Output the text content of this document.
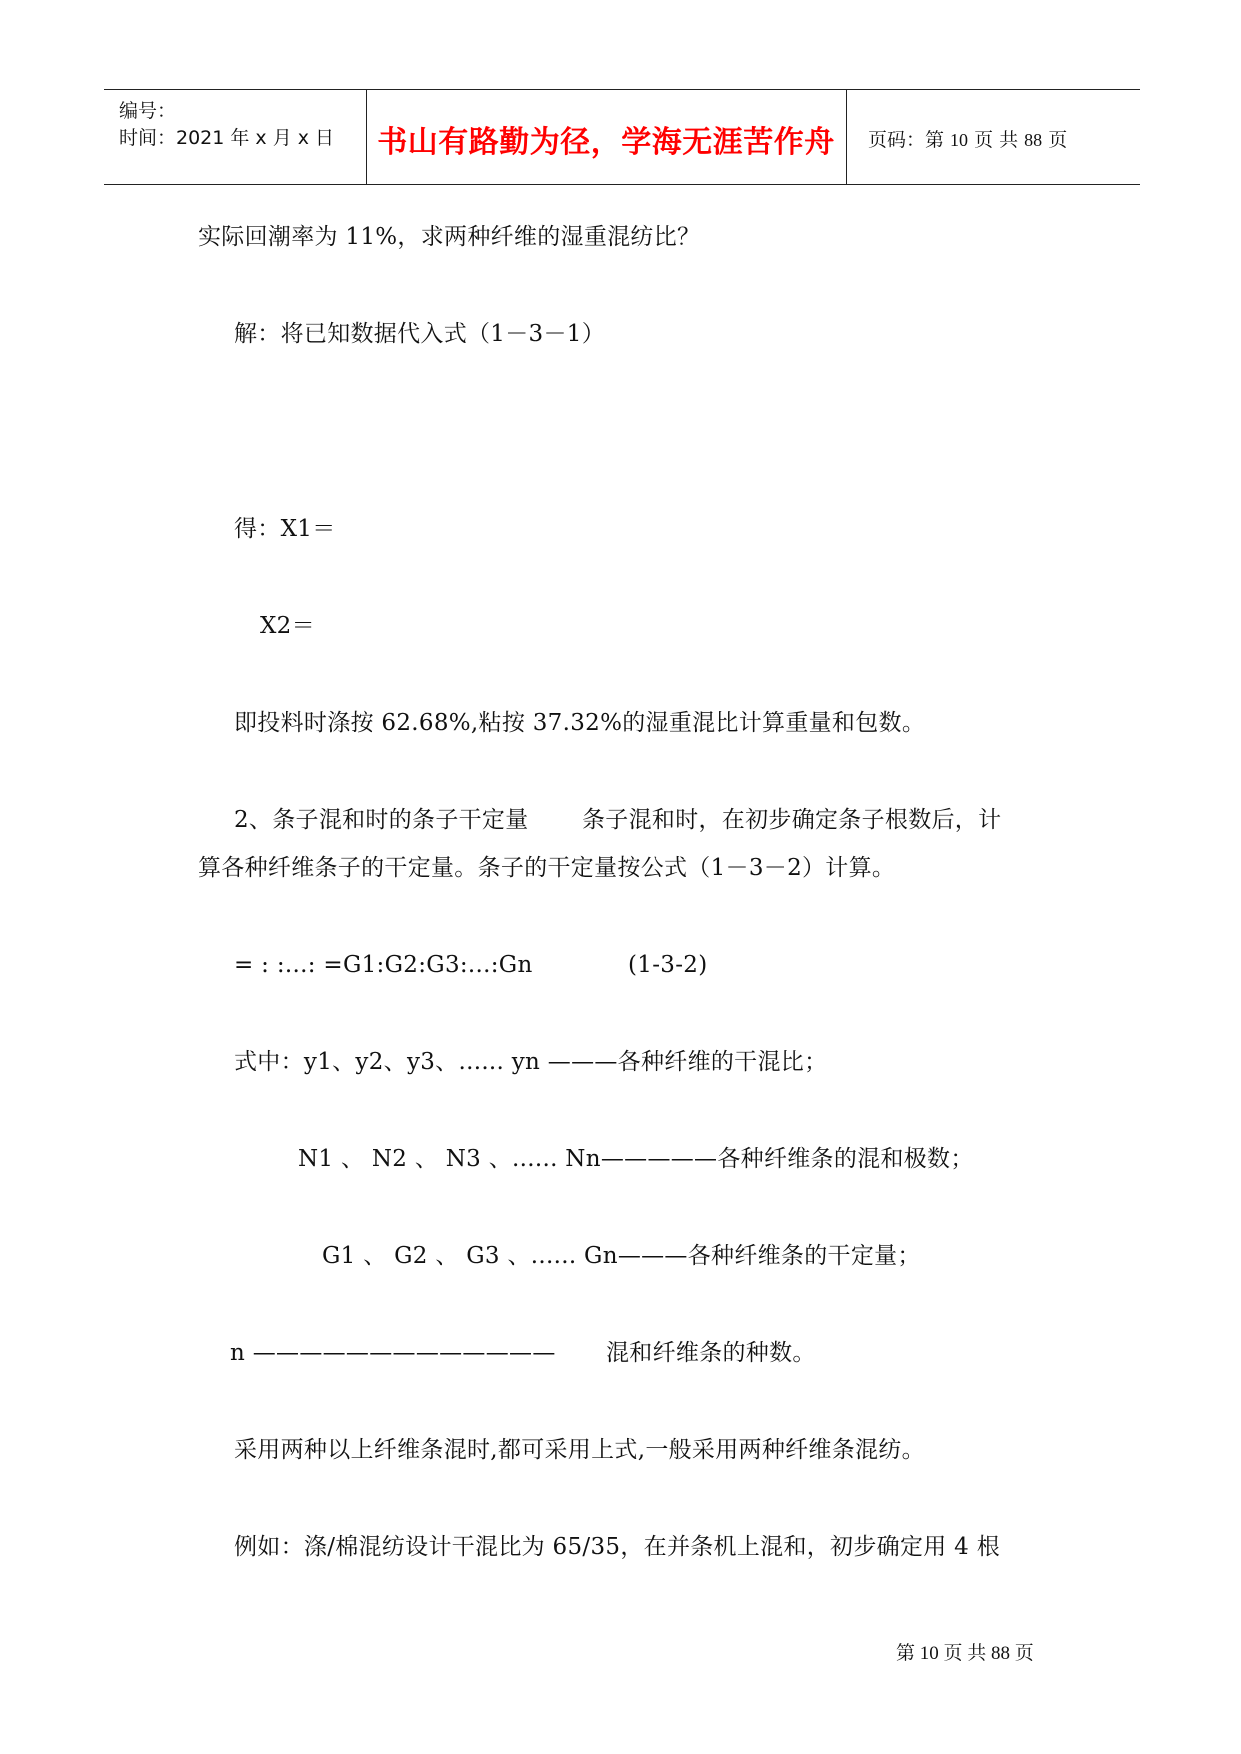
编号：
时间：2021 年 x 月 x 日	书山有路勤为径，学海无涯苦作舟	页码：第 10 页 共 88 页
实际回潮率为 11%，求两种纤维的湿重混纺比？
解：将已知数据代入式（1－3－1）
得：X1＝
X2＝
即投料时涤按 62.68%,粘按 37.32%的湿重混比计算重量和包数。
2、条子混和时的条子干定量 条子混和时，在初步确定条子根数后，计
算各种纤维条子的干定量。条子的干定量按公式（1－3－2）计算。
= : :...: =G1:G2:G3:...:Gn	(1-3-2)
式中：y1、y2、y3、...... yn ———各种纤维的干混比；
N1 、 N2 、 N3 、...... Nn—————各种纤维条的混和极数；
G1 、 G2 、 G3 、...... Gn———各种纤维条的干定量；
n ————————————— 混和纤维条的种数。
采用两种以上纤维条混时,都可采用上式,一般采用两种纤维条混纺。
例如：涤/棉混纺设计干混比为 65/35，在并条机上混和，初步确定用 4 根
第 10 页 共 88 页
